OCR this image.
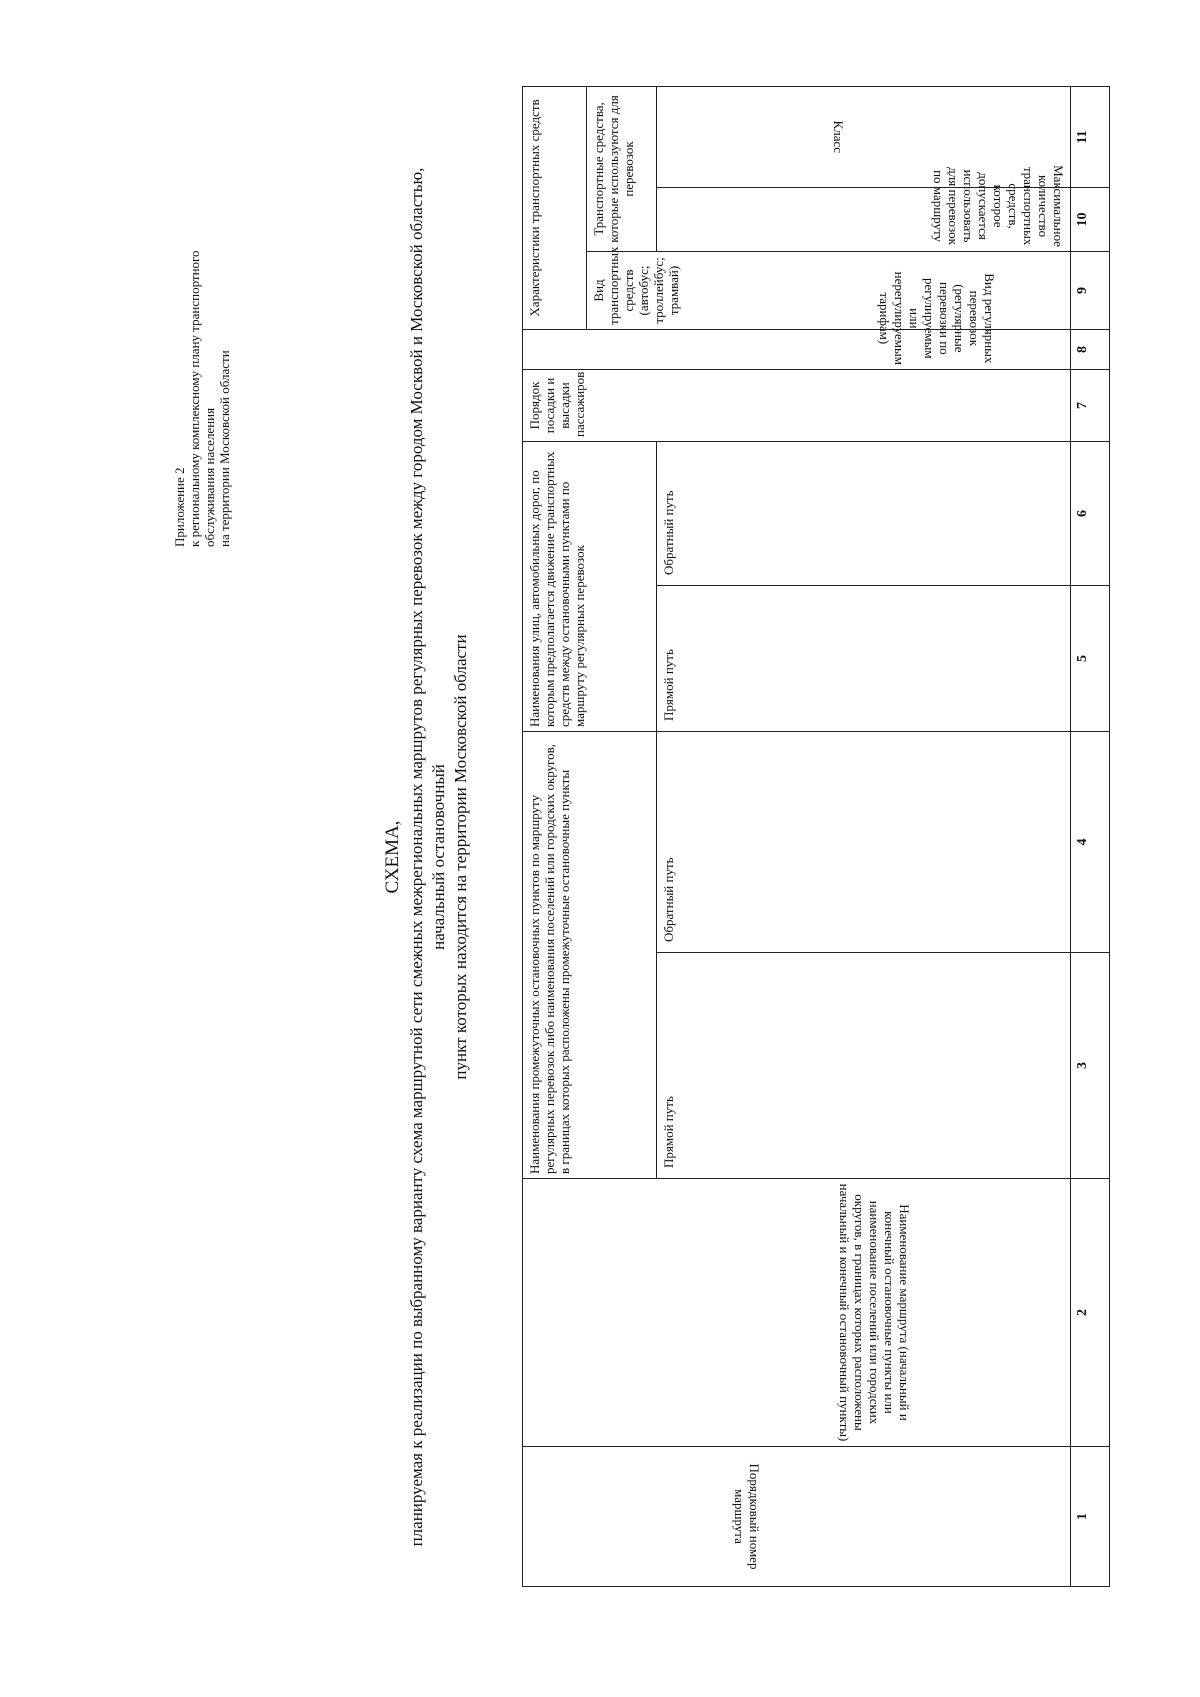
Приложение 2 к региональному комплексному плану транспортного обслуживания населения на территории Московской области
СХЕМА, планируемая к реализации по выбранному варианту схема маршрутной сети смежных межрегиональных маршрутов регулярных перевозок между городом Москвой и Московской областью, начальный остановочный пункт которых находится на территории Московской области
Порядковый номер маршрута	Наименование маршрута (начальный и конечный остановочные пункты или наименование поселений или городских округов, в границах которых расположены начальный и конечный остановочный пункты)	Наименования промежуточных остановочных пунктов по маршруту регулярных перевозок либо наименования поселений или городских округов, в границах которых расположены промежуточные остановочные пункты		Наименования улиц, автомобильных дорог, по которым предполагается движение транспортных средств между остановочными пунктами по маршруту регулярных перевозок		Порядок посадки и высадки пассажиров	Вид регулярных перевозок (регулярные перевозки по регулируемым или нерегулируемым тарифам)	Характеристики транспортных средств		
								Вид транспортных средств (автобус; троллейбус; трамвай)	Транспортные средства, которые используются для перевозок	
		Прямой путь	Обратный путь	Прямой путь	Обратный путь				Максимальное количество транспортных средств, которое допускается использовать для перевозок по маршруту	Класс

1	2	3	4	5	6	7	8	9	10	11
